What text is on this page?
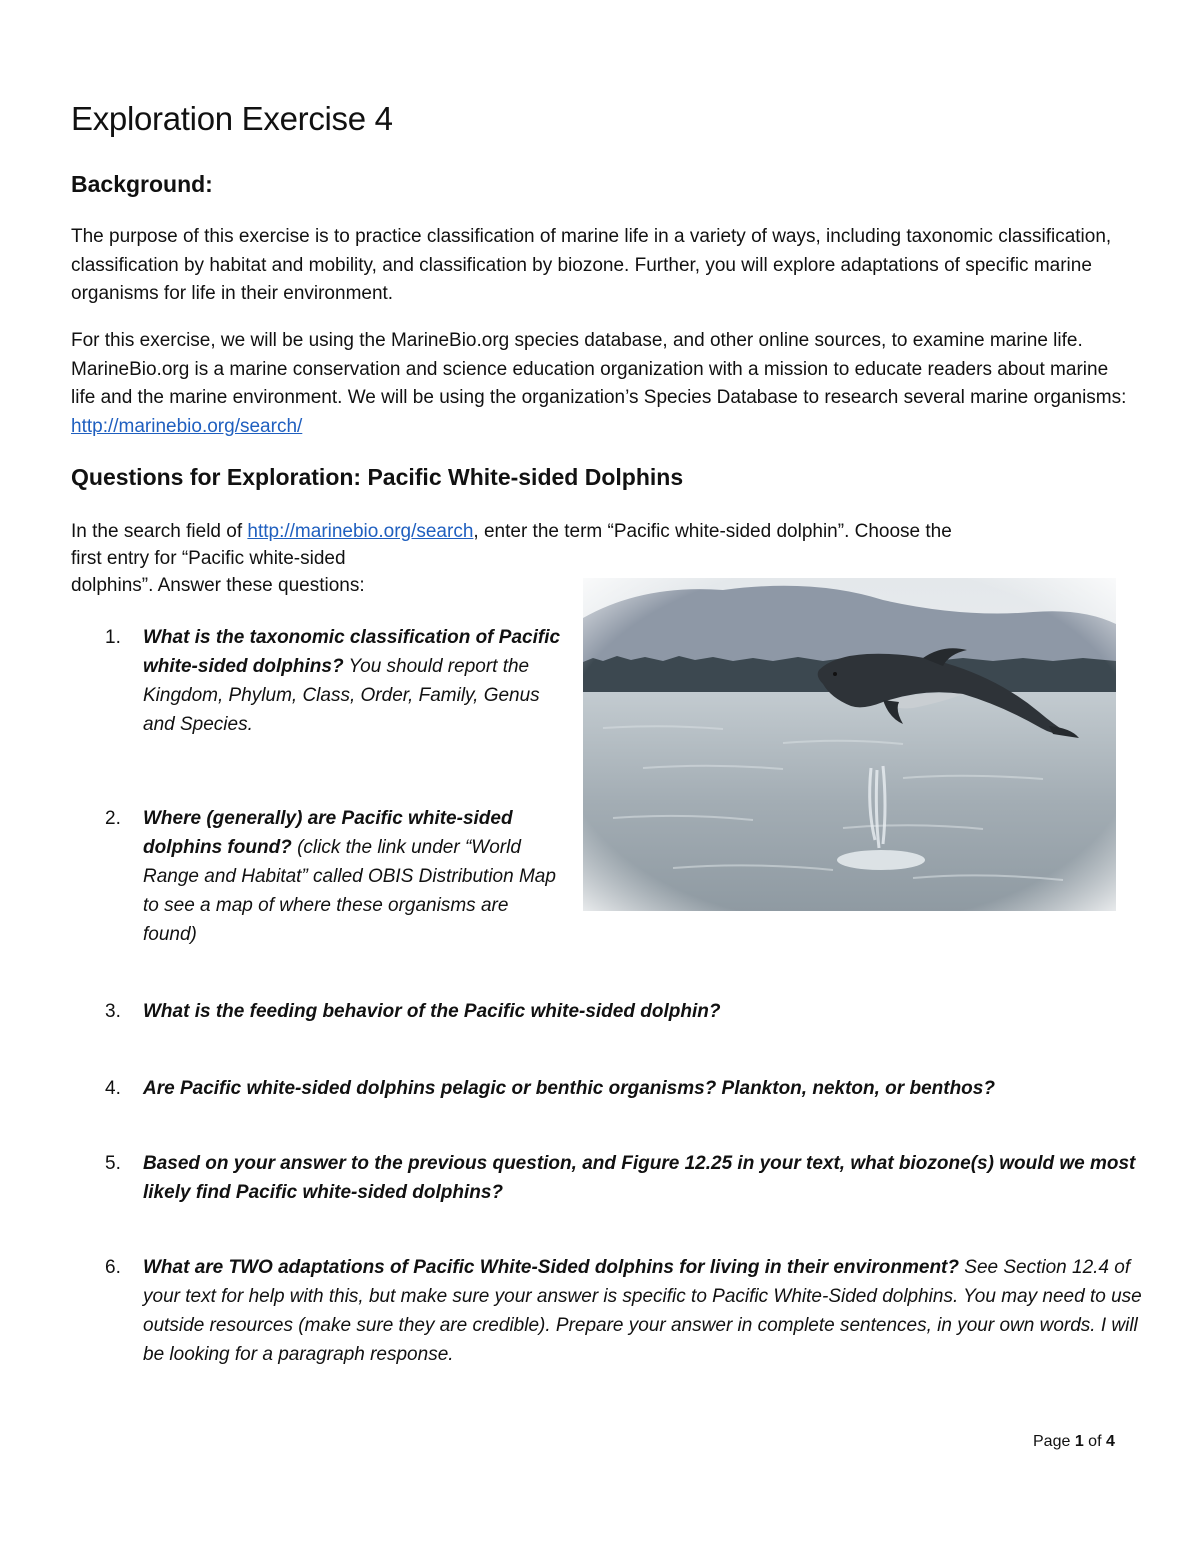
Exploration Exercise 4
Background:

The purpose of this exercise is to practice classification of marine life in a variety of ways, including taxonomic classification, classification by habitat and mobility, and classification by biozone. Further, you will explore adaptations of specific marine organisms for life in their environment.

For this exercise, we will be using the MarineBio.org species database, and other online sources, to examine marine life. MarineBio.org is a marine conservation and science education organization with a mission to educate readers about marine life and the marine environment. We will be using the organization’s Species Database to research several marine organisms: http://marinebio.org/search/

Questions for Exploration: Pacific White-sided Dolphins
In the search field of http://marinebio.org/search, enter the term “Pacific white-sided dolphin”. Choose the
first entry for “Pacific white-sided
dolphins”. Answer these questions:
1. What is the taxonomic classification of Pacific white-sided dolphins? You should report the Kingdom, Phylum, Class, Order, Family, Genus and Species.
2. Where (generally) are Pacific white-sided dolphins found? (click the link under “World Range and Habitat” called OBIS Distribution Map to see a map of where these organisms are found)
3. What is the feeding behavior of the Pacific white-sided dolphin?
4. Are Pacific white-sided dolphins pelagic or benthic organisms? Plankton, nekton, or benthos?
5. Based on your answer to the previous question, and Figure 12.25 in your text, what biozone(s) would we most likely find Pacific white-sided dolphins?
6. What are TWO adaptations of Pacific White-Sided dolphins for living in their environment? See Section 12.4 of your text for help with this, but make sure your answer is specific to Pacific White-Sided dolphins. You may need to use outside resources (make sure they are credible). Prepare your answer in complete sentences, in your own words. I will be looking for a paragraph response.

Page 1 of 4
